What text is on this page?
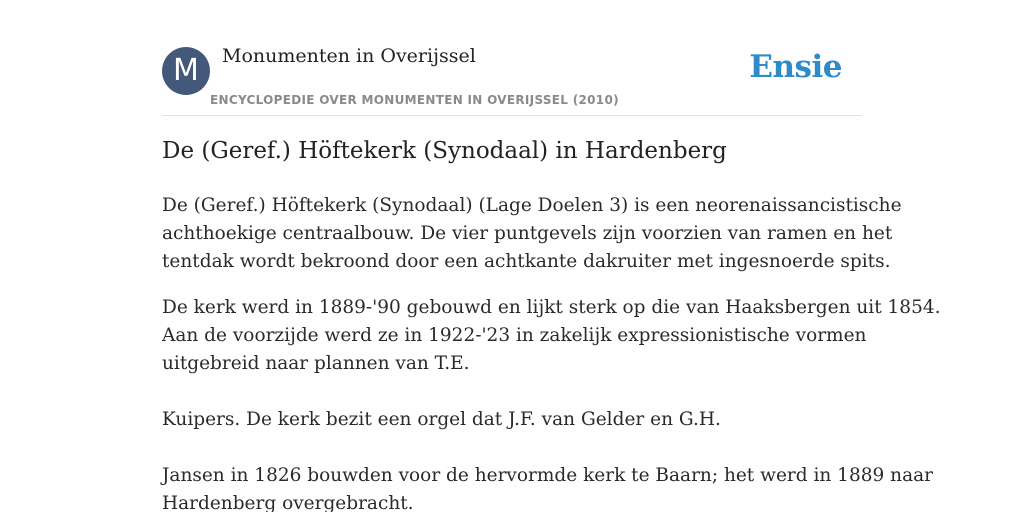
M	Monumenten in Overijssel
ENCYCLOPEDIE OVER MONUMENTEN IN OVERIJSSEL (2010)
Ensie
De (Geref.) Höftekerk (Synodaal) in Hardenberg

De (Geref.) Höftekerk (Synodaal) (Lage Doelen 3) is een neorenaissancistische
achthoekige centraalbouw. De vier puntgevels zijn voorzien van ramen en het
tentdak wordt bekroond door een achtkante dakruiter met ingesnoerde spits.

De kerk werd in 1889-'90 gebouwd en lijkt sterk op die van Haaksbergen uit 1854.
Aan de voorzijde werd ze in 1922-'23 in zakelijk expressionistische vormen
uitgebreid naar plannen van T.E.
Kuipers. De kerk bezit een orgel dat J.F. van Gelder en G.H.
Jansen in 1826 bouwden voor de hervormde kerk te Baarn; het werd in 1889 naar
Hardenberg overgebracht.
